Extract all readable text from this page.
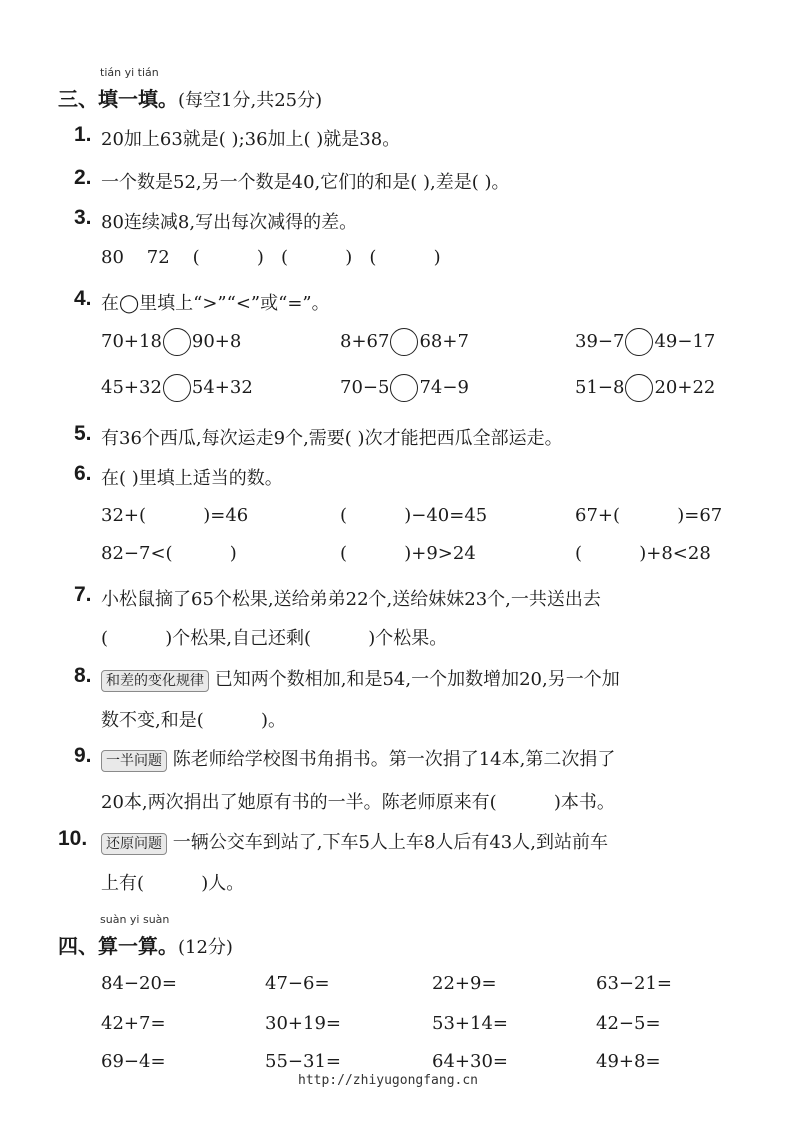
tián yi tián
三、填一填。(每空1分,共25分)
1. 20加上63就是( );36加上( )就是38。
2. 一个数是52,另一个数是40,它们的和是( ),差是( )。
3. 80连续减8,写出每次减得的差。
80    72    (          )   (          )   (          )
4. 在◯里填上“>”“<”或“=”。
70+18 90+8	8+67 68+7	39−7 49−17
45+32 54+32	70−5 74−9	51−8 20+22
5. 有36个西瓜,每次运走9个,需要( )次才能把西瓜全部运走。
6. 在( )里填上适当的数。
32+(          )=46	(          )−40=45	67+(          )=67
82−7<(          )	(          )+9>24	(          )+8<28
7. 小松鼠摘了65个松果,送给弟弟22个,送给妹妹23个,一共送出去
(          )个松果,自己还剩(          )个松果。
8.	和差的变化规律 已知两个数相加,和是54,一个加数增加20,另一个加
数不变,和是(          )。
9.	一半问题 陈老师给学校图书角捐书。第一次捐了14本,第二次捐了
20本,两次捐出了她原有书的一半。陈老师原来有(          )本书。
10.	还原问题 一辆公交车到站了,下车5人上车8人后有43人,到站前车
上有(          )人。
suàn yi suàn
四、算一算。(12分)
84−20=	47−6=	22+9=	63−21=
42+7=	30+19=	53+14=	42−5=
69−4=	55−31=	64+30=	49+8=
http://zhiyugongfang.cn
